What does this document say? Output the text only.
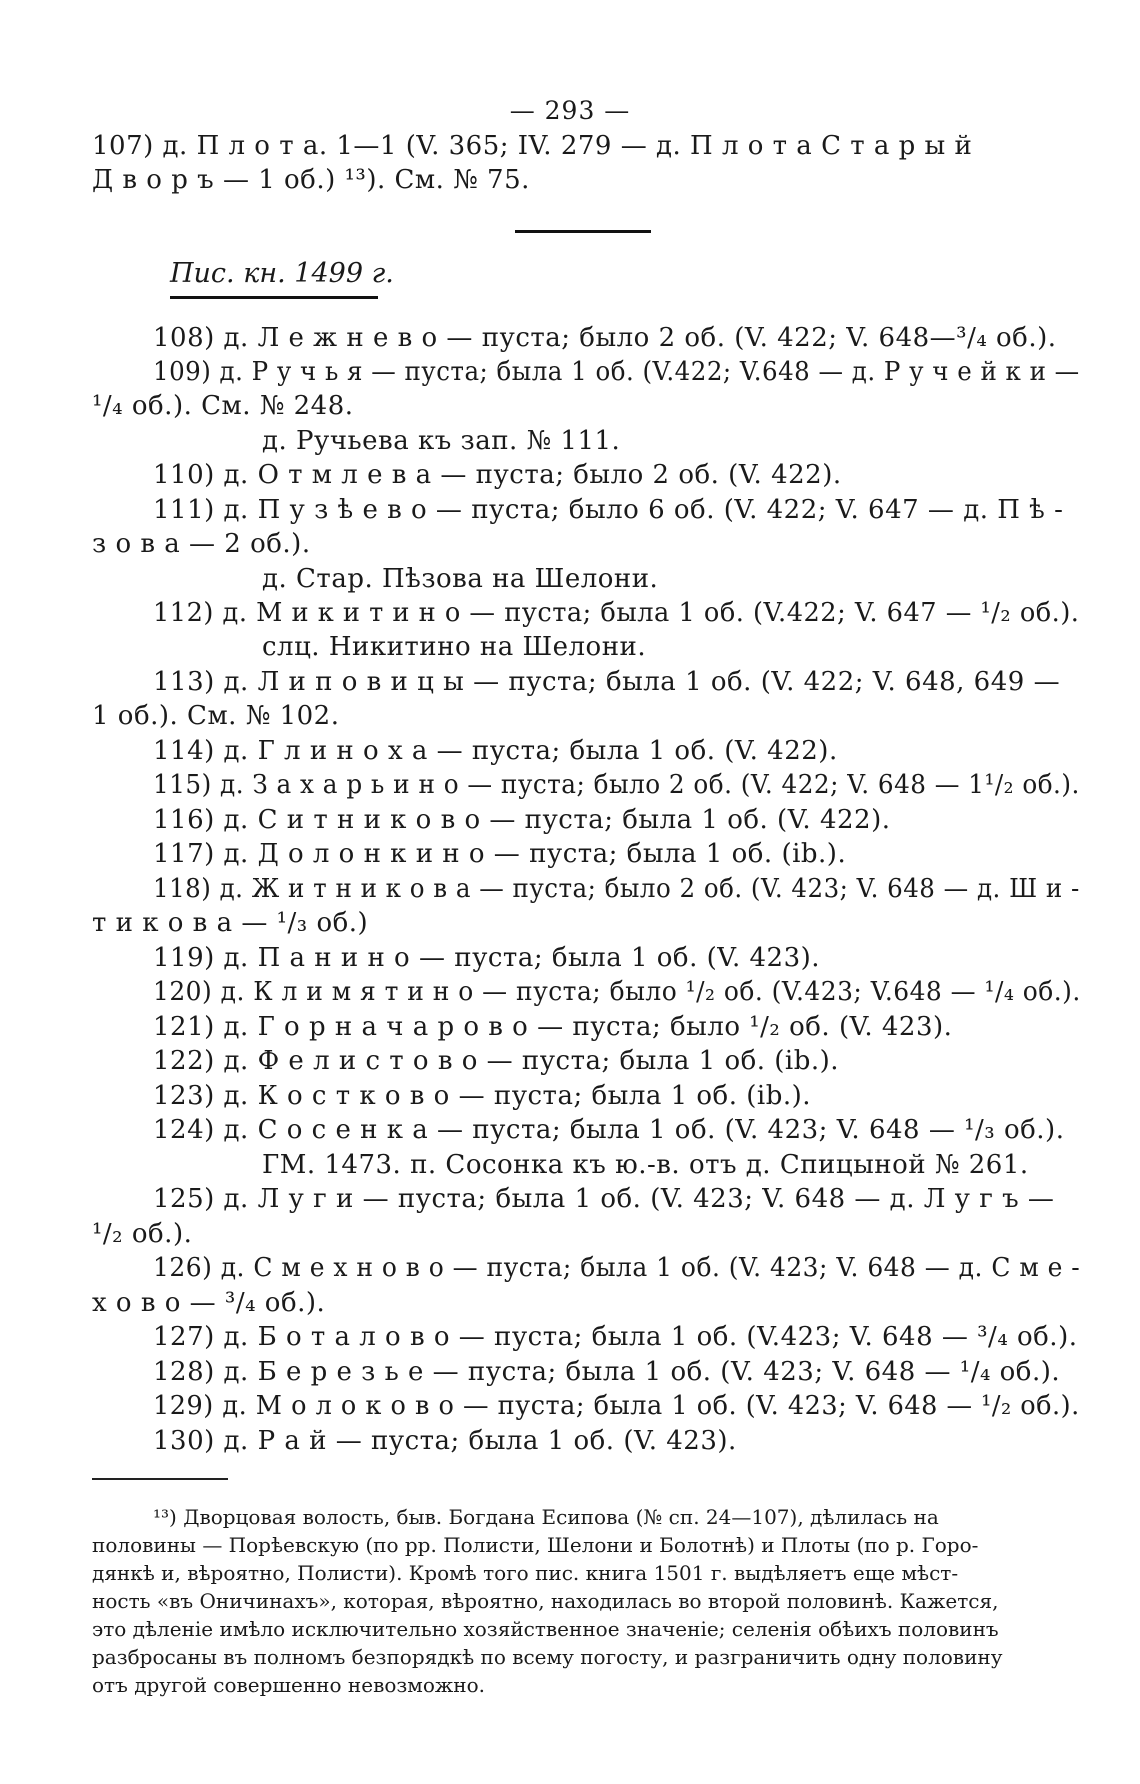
— 293 —
107) д. П л о т а. 1—1 (V. 365; IV. 279 — д. П л о т а С т а р ы й
Д в о р ъ — 1 об.) ¹³). См. № 75.
Пис. кн. 1499 г.
108) д. Л е ж н е в о — пуста; было 2 об. (V. 422; V. 648—³/₄ об.).
109) д. Р у ч ь я — пуста; была 1 об. (V.422; V.648 — д. Р у ч е й к и —
¹/₄ об.). См. № 248.
д. Ручьева къ зап. № 111.
110) д. О т м л е в а — пуста; было 2 об. (V. 422).
111) д. П у з ѣ е в о — пуста; было 6 об. (V. 422; V. 647 — д. П ѣ -
з о в а — 2 об.).
д. Стар. Пѣзова на Шелони.
112) д. М и к и т и н о — пуста; была 1 об. (V.422; V. 647 — ¹/₂ об.).
слц. Никитино на Шелони.
113) д. Л и п о в и ц ы — пуста; была 1 об. (V. 422; V. 648, 649 —
1 об.). См. № 102.
114) д. Г л и н о х а — пуста; была 1 об. (V. 422).
115) д. З а х а р ь и н о — пуста; было 2 об. (V. 422; V. 648 — 1¹/₂ об.).
116) д. С и т н и к о в о — пуста; была 1 об. (V. 422).
117) д. Д о л о н к и н о — пуста; была 1 об. (ib.).
118) д. Ж и т н и к о в а — пуста; было 2 об. (V. 423; V. 648 — д. Ш и -
т и к о в а — ¹/₃ об.)
119) д. П а н и н о — пуста; была 1 об. (V. 423).
120) д. К л и м я т и н о — пуста; было ¹/₂ об. (V.423; V.648 — ¹/₄ об.).
121) д. Г о р н а ч а р о в о — пуста; было ¹/₂ об. (V. 423).
122) д. Ф е л и с т о в о — пуста; была 1 об. (ib.).
123) д. К о с т к о в о — пуста; была 1 об. (ib.).
124) д. С о с е н к а — пуста; была 1 об. (V. 423; V. 648 — ¹/₃ об.).
ГМ. 1473. п. Сосонка къ ю.-в. отъ д. Спицыной № 261.
125) д. Л у г и — пуста; была 1 об. (V. 423; V. 648 — д. Л у г ъ —
¹/₂ об.).
126) д. С м е х н о в о — пуста; была 1 об. (V. 423; V. 648 — д. С м е -
х о в о — ³/₄ об.).
127) д. Б о т а л о в о — пуста; была 1 об. (V.423; V. 648 — ³/₄ об.).
128) д. Б е р е з ь е — пуста; была 1 об. (V. 423; V. 648 — ¹/₄ об.).
129) д. М о л о к о в о — пуста; была 1 об. (V. 423; V. 648 — ¹/₂ об.).
130) д. Р а й — пуста; была 1 об. (V. 423).
¹³) Дворцовая волость, быв. Богдана Есипова (№ сп. 24—107), дѣлилась на
половины — Порѣевскую (по рр. Полисти, Шелони и Болотнѣ) и Плоты (по р. Горо-
дянкѣ и, вѣроятно, Полисти). Кромѣ того пис. книга 1501 г. выдѣляетъ еще мѣст-
ность «въ Оничинахъ», которая, вѣроятно, находилась во второй половинѣ. Кажется,
это дѣленіе имѣло исключительно хозяйственное значеніе; селенія обѣихъ половинъ
разбросаны въ полномъ безпорядкѣ по всему погосту, и разграничить одну половину
отъ другой совершенно невозможно.
